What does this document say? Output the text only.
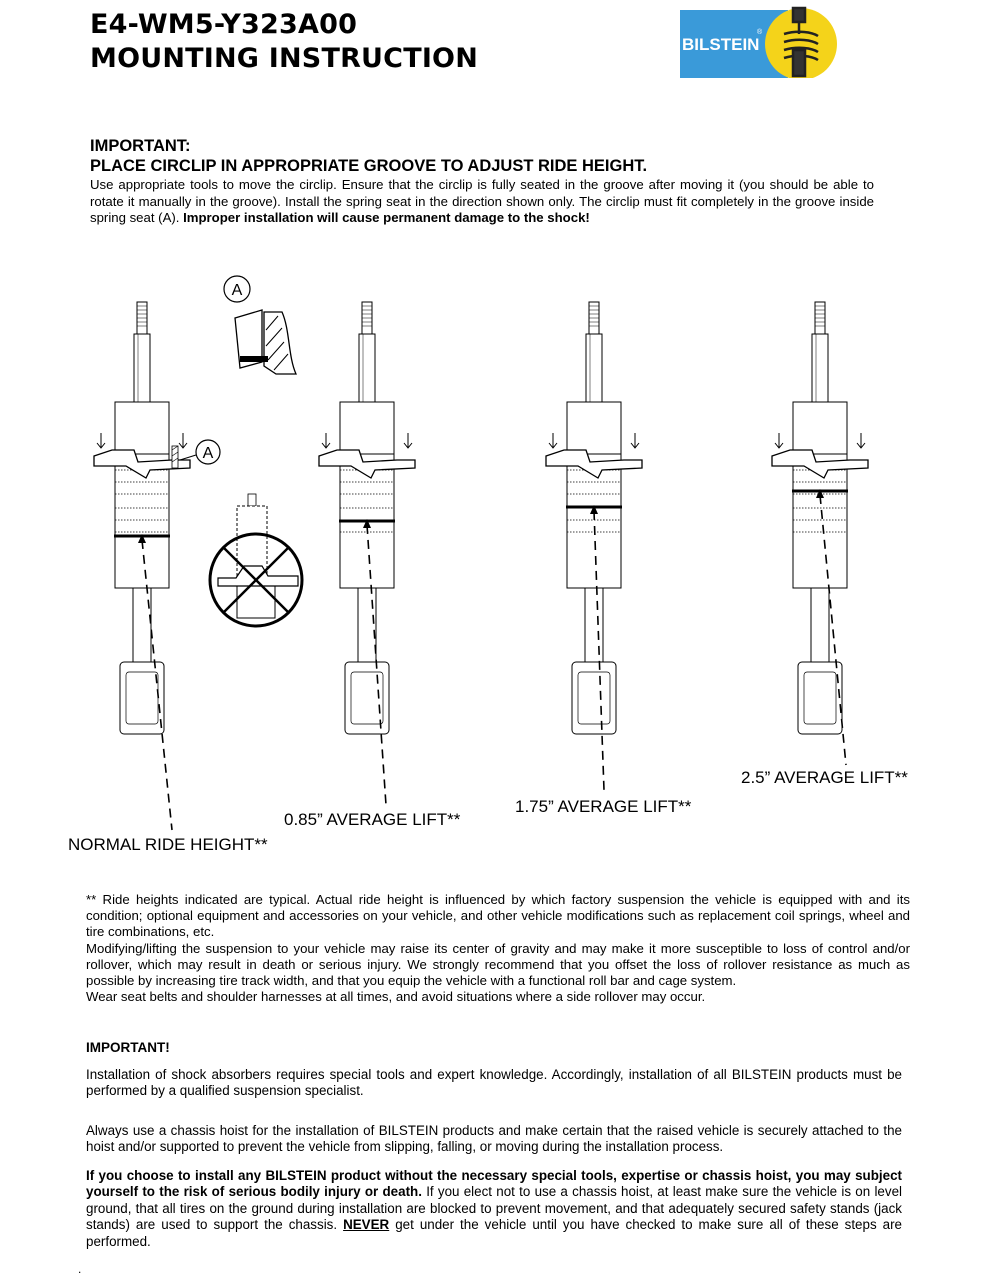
E4-WM5-Y323A00
MOUNTING INSTRUCTION	BILSTEIN
®
IMPORTANT:
PLACE CIRCLIP IN APPROPRIATE GROOVE TO ADJUST RIDE HEIGHT.
Use appropriate tools to move the circlip. Ensure that the circlip is fully seated in the groove after moving it (you should be able to rotate it manually in the groove). Install the spring seat in the direction shown only. The circlip must fit completely in the groove inside spring seat (A). Improper installation will cause permanent damage to the shock!
A
A
NORMAL RIDE HEIGHT**
0.85” AVERAGE LIFT**
1.75” AVERAGE LIFT**
2.5” AVERAGE LIFT**

** Ride heights indicated are typical. Actual ride height is influenced by which factory suspension the vehicle is equipped with and its condition; optional equipment and accessories on your vehicle, and other vehicle modifications such as replacement coil springs, wheel and tire combinations, etc.

Modifying/lifting the suspension to your vehicle may raise its center of gravity and may make it more susceptible to loss of control and/or rollover, which may result in death or serious injury. We strongly recommend that you offset the loss of rollover resistance as much as possible by increasing tire track width, and that you equip the vehicle with a functional roll bar and cage system.

Wear seat belts and shoulder harnesses at all times, and avoid situations where a side rollover may occur.

IMPORTANT!

Installation of shock absorbers requires special tools and expert knowledge. Accordingly, installation of all BILSTEIN products must be performed by a qualified suspension specialist.

Always use a chassis hoist for the installation of BILSTEIN products and make certain that the raised vehicle is securely attached to the hoist and/or supported to prevent the vehicle from slipping, falling, or moving during the installation process.

If you choose to install any BILSTEIN product without the necessary special tools, expertise or chassis hoist, you may subject yourself to the risk of serious bodily injury or death. If you elect not to use a chassis hoist, at least make sure the vehicle is on level ground, that all tires on the ground during installation are blocked to prevent movement, and that adequately secured safety stands (jack stands) are used to support the chassis. NEVER get under the vehicle until you have checked to make sure all of these steps are performed.

.
